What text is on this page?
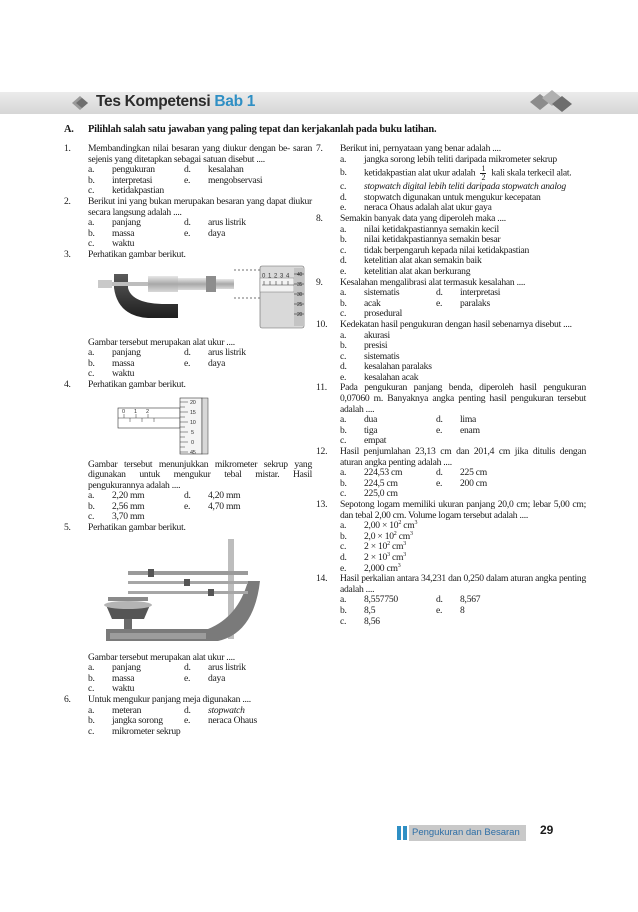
Tes Kompetensi Bab 1
A. Pilihlah salah satu jawaban yang paling tepat dan kerjakanlah pada buku latihan.
1. Membandingkan nilai besaran yang diukur dengan be- saran sejenis yang ditetapkan sebagai satuan disebut ....
a.	pengukuran	d.	kesalahan
b.	interpretasi	e.	mengobservasi
c.	ketidakpastian
2. Berikut ini yang bukan merupakan besaran yang dapat diukur secara langsung adalah ....
a.	panjang	d.	arus listrik
b.	massa	e.	daya
c.	waktu
3. Perhatikan gambar berikut.
0 1 2 3 4 40
35
30
25
20
Gambar tersebut merupakan alat ukur ....
a.	panjang	d.	arus listrik
b.	massa	e.	daya
c.	waktu
4. Perhatikan gambar berikut.
0 1 2
20
15
10
5
0
45
Gambar tersebut menunjukkan mikrometer sekrup yang digunakan untuk mengukur tebal mistar. Hasil pengukurannya adalah ....
a.	2,20 mm	d.	4,20 mm
b.	2,56 mm	e.	4,70 mm
c.	3,70 mm
5. Perhatikan gambar berikut.
Gambar tersebut merupakan alat ukur ....
a.	panjang	d.	arus listrik
b.	massa	e.	daya
c.	waktu
6. Untuk mengukur panjang meja digunakan ....
a.	meteran	d.	stopwatch
b.	jangka sorong e.	neraca Ohaus
c.	mikrometer sekrup
7. Berikut ini, pernyataan yang benar adalah ....
a.	jangka sorong lebih teliti daripada mikrometer sekrup
b.	ketidakpastian alat ukur adalah $\frac{1}{2}$ kali skala terkecil alat.
c.	stopwatch digital lebih teliti daripada stopwatch analog
d.	stopwatch digunakan untuk mengukur kecepatan
e.	neraca Ohaus adalah alat ukur gaya
8. Semakin banyak data yang diperoleh maka ....
a.	nilai ketidakpastiannya semakin kecil
b.	nilai ketidakpastiannya semakin besar
c.	tidak berpengaruh kepada nilai ketidakpastian
d.	ketelitian alat akan semakin baik
e.	ketelitian alat akan berkurang
9. Kesalahan mengalibrasi alat termasuk kesalahan ....
a.	sistematis	d.	interpretasi
b.	acak	e.	paralaks
c.	prosedural
10. Kedekatan hasil pengukuran dengan hasil sebenarnya disebut ....
a.	akurasi
b.	presisi
c.	sistematis
d.	kesalahan paralaks
e.	kesalahan acak
11. Pada pengukuran panjang benda, diperoleh hasil pengukuran 0,07060 m. Banyaknya angka penting hasil pengukuran tersebut adalah ....
a.	dua	d.	lima
b.	tiga	e.	enam
c.	empat
12. Hasil penjumlahan 23,13 cm dan 201,4 cm jika ditulis dengan aturan angka penting adalah ....
a.	224,53 cm	d.	225 cm
b.	224,5 cm	e.	200 cm
c.	225,0 cm
13. Sepotong logam memiliki ukuran panjang 20,0 cm; lebar 5,00 cm; dan tebal 2,00 cm. Volume logam tersebut adalah ....
a.	$2,00 \times 10^2$ $cm^3$
b.	$2,0 \times 10^2$ $cm^3$
c.	$2 \times 10^2$ $cm^3$
d.	$2 \times 10^3$ $cm^3$
e.	2,000 $cm^3$
14. Hasil perkalian antara 34,231 dan 0,250 dalam aturan angka penting adalah ....
a.	8,557750	d.	8,567
b.	8,5	e.	8
c.	8,56
Pengukuran dan Besaran 29
